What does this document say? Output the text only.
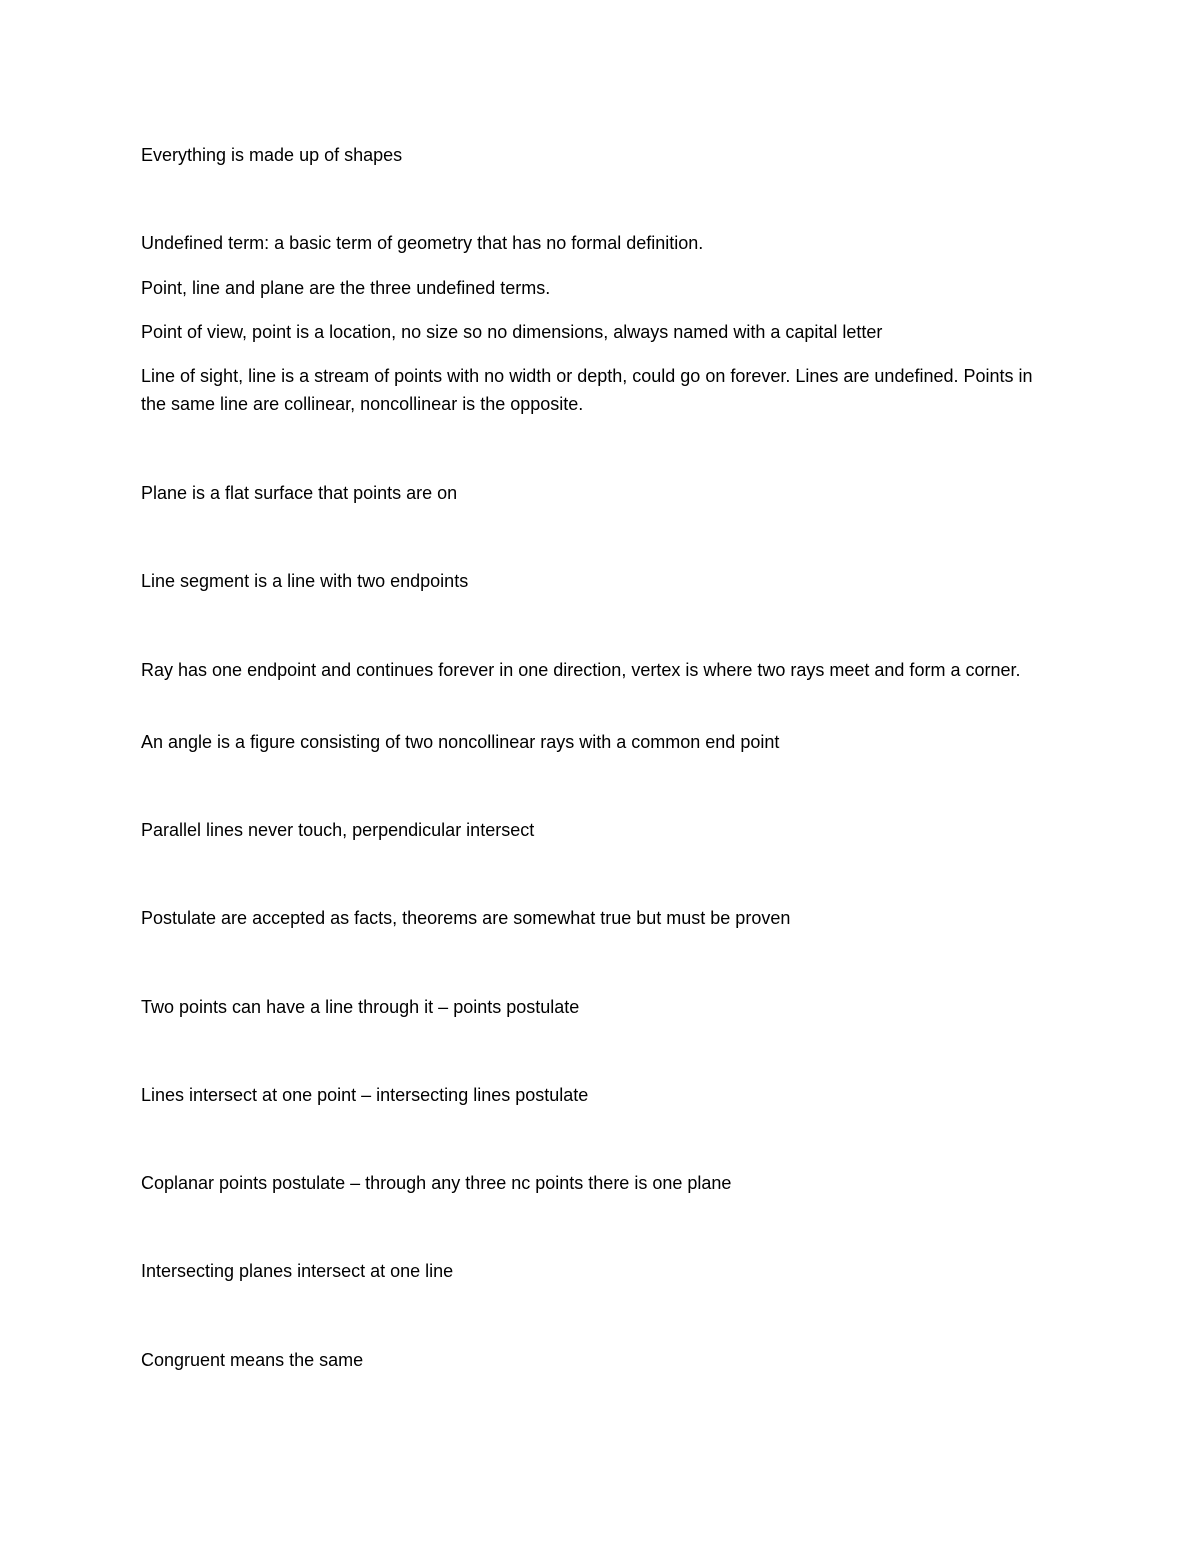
Everything is made up of shapes

Undefined term: a basic term of geometry that has no formal definition.

Point, line and plane are the three undefined terms.

Point of view, point is a location, no size so no dimensions, always named with a capital letter

Line of sight, line is a stream of points with no width or depth, could go on forever. Lines are undefined. Points in the same line are collinear, noncollinear is the opposite.

Plane is a flat surface that points are on

Line segment is a line with two endpoints

Ray has one endpoint and continues forever in one direction, vertex is where two rays meet and form a corner.

An angle is a figure consisting of two noncollinear rays with a common end point

Parallel lines never touch, perpendicular intersect

Postulate are accepted as facts, theorems are somewhat true but must be proven

Two points can have a line through it – points postulate

Lines intersect at one point – intersecting lines postulate

Coplanar points postulate – through any three nc points there is one plane

Intersecting planes intersect at one line

Congruent means the same
